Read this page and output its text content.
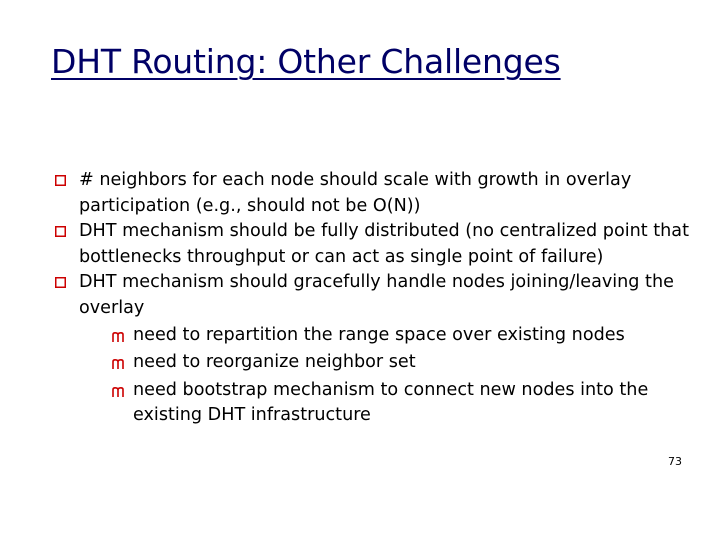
DHT Routing: Other Challenges
# neighbors for each node should scale with growth in overlay participation (e.g., should not be O(N))
DHT mechanism should be fully distributed (no centralized point that bottlenecks throughput or can act as single point of failure)
DHT mechanism should gracefully handle nodes joining/leaving the overlay
need to repartition the range space over existing nodes
need to reorganize neighbor set
need bootstrap mechanism to connect new nodes into the existing DHT infrastructure
73
